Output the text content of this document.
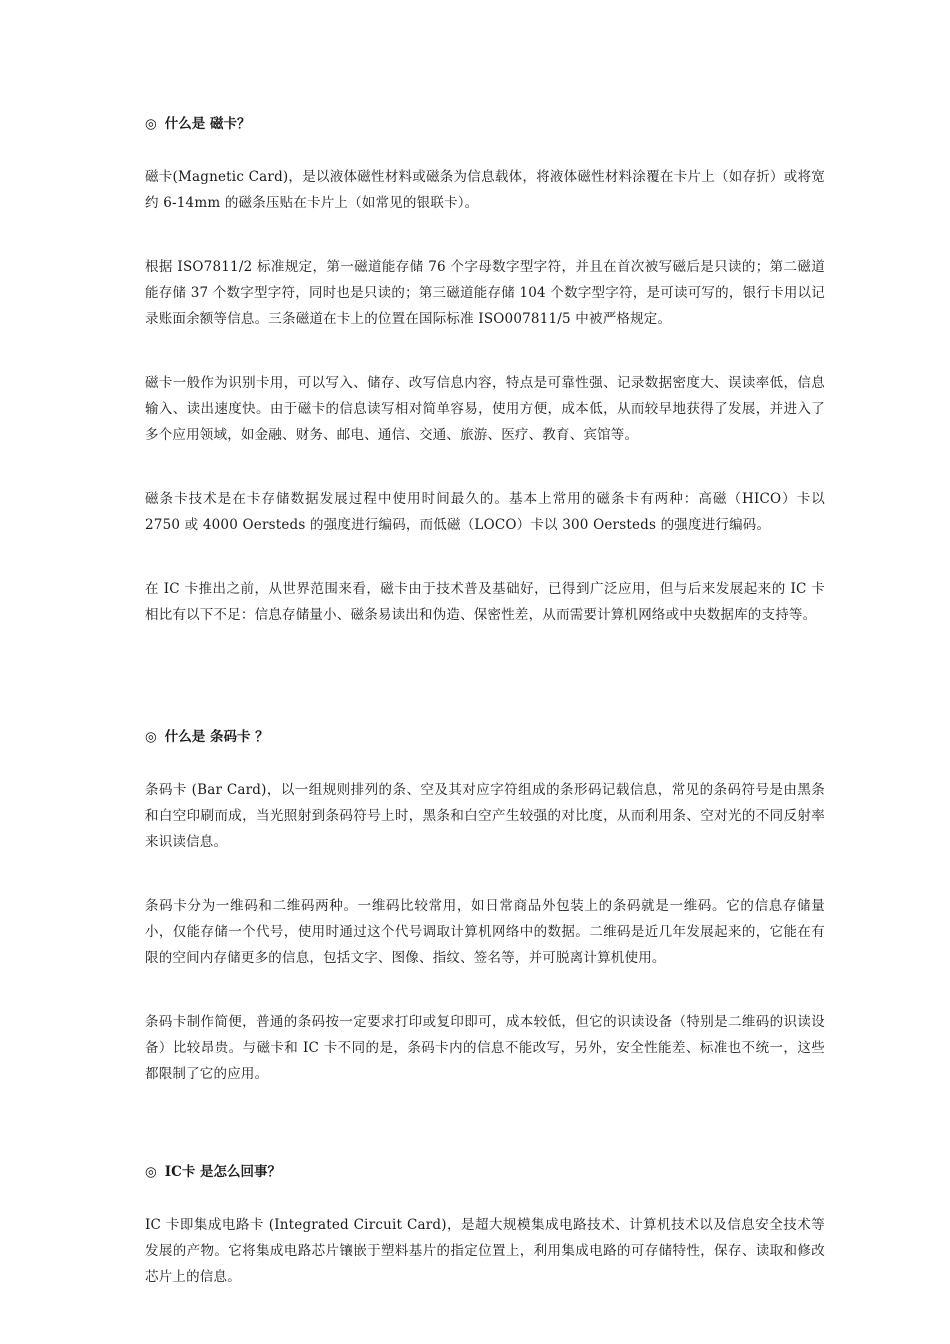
◎ 什么是 磁卡？

磁卡(Magnetic Card)，是以液体磁性材料或磁条为信息载体，将液体磁性材料涂覆在卡片上（如存折）或将宽约 6-14mm 的磁条压贴在卡片上（如常见的银联卡）。

根据 ISO7811/2 标准规定，第一磁道能存储 76 个字母数字型字符，并且在首次被写磁后是只读的；第二磁道能存储 37 个数字型字符，同时也是只读的；第三磁道能存储 104 个数字型字符，是可读可写的，银行卡用以记录账面余额等信息。三条磁道在卡上的位置在国际标准 ISO007811/5 中被严格规定。

磁卡一般作为识别卡用，可以写入、储存、改写信息内容，特点是可靠性强、记录数据密度大、误读率低，信息输入、读出速度快。由于磁卡的信息读写相对简单容易，使用方便，成本低，从而较早地获得了发展，并进入了多个应用领域，如金融、财务、邮电、通信、交通、旅游、医疗、教育、宾馆等。

磁条卡技术是在卡存储数据发展过程中使用时间最久的。基本上常用的磁条卡有两种：高磁（HICO）卡以 2750 或 4000 Oersteds 的强度进行编码，而低磁（LOCO）卡以 300 Oersteds 的强度进行编码。

在 IC 卡推出之前，从世界范围来看，磁卡由于技术普及基础好，已得到广泛应用，但与后来发展起来的 IC 卡相比有以下不足：信息存储量小、磁条易读出和伪造、保密性差，从而需要计算机网络或中央数据库的支持等。

◎ 什么是 条码卡 ？

条码卡 (Bar Card)，以一组规则排列的条、空及其对应字符组成的条形码记载信息，常见的条码符号是由黑条和白空印刷而成，当光照射到条码符号上时，黑条和白空产生较强的对比度，从而利用条、空对光的不同反射率来识读信息。

条码卡分为一维码和二维码两种。一维码比较常用，如日常商品外包装上的条码就是一维码。它的信息存储量小，仅能存储一个代号，使用时通过这个代号调取计算机网络中的数据。二维码是近几年发展起来的，它能在有限的空间内存储更多的信息，包括文字、图像、指纹、签名等，并可脱离计算机使用。

条码卡制作简便，普通的条码按一定要求打印或复印即可，成本较低，但它的识读设备（特别是二维码的识读设备）比较昂贵。与磁卡和 IC 卡不同的是，条码卡内的信息不能改写，另外，安全性能差、标准也不统一，这些都限制了它的应用。

◎ IC卡 是怎么回事？

IC 卡即集成电路卡 (Integrated Circuit Card)，是超大规模集成电路技术、计算机技术以及信息安全技术等发展的产物。它将集成电路芯片镶嵌于塑料基片的指定位置上，利用集成电路的可存储特性，保存、读取和修改芯片上的信息。
